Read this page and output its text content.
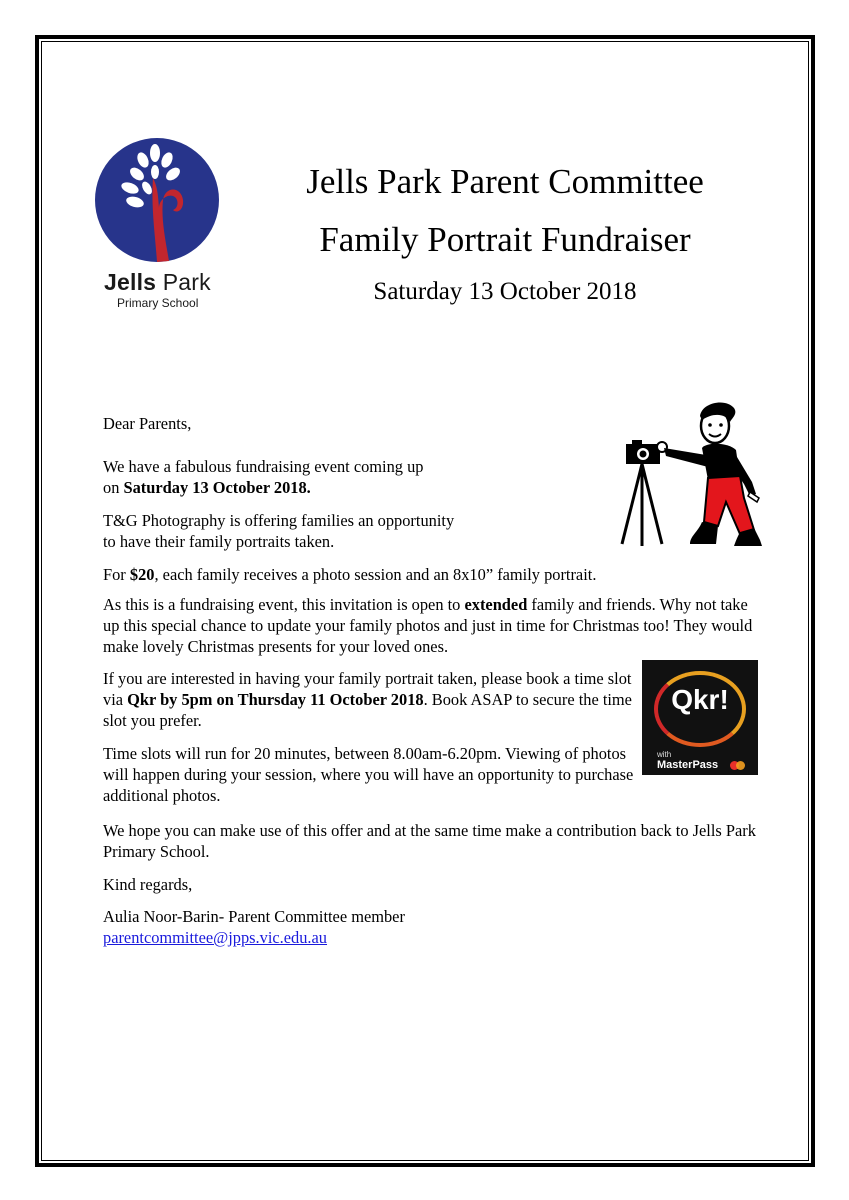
Jells Park
Primary School
Jells Park Parent Committee
Family Portrait Fundraiser
Saturday 13 October 2018

Dear Parents,

We have a fabulous fundraising event coming up
on Saturday 13 October 2018.

T&G Photography is offering families an opportunity
to have their family portraits taken.

For $20, each family receives a photo session and an 8x10” family portrait.

As this is a fundraising event, this invitation is open to extended family and friends. Why not take up this special chance to update your family photos and just in time for Christmas too! They would make lovely Christmas presents for your loved ones.

If you are interested in having your family portrait taken, please book a time slot via Qkr by 5pm on Thursday 11 October 2018. Book ASAP to secure the time slot you prefer.

Time slots will run for 20 minutes, between 8.00am-6.20pm. Viewing of photos will happen during your session, where you will have an opportunity to purchase additional photos.

We hope you can make use of this offer and at the same time make a contribution back to Jells Park Primary School.

Kind regards,

Aulia Noor-Barin- Parent Committee member
parentcommittee@jpps.vic.edu.au

Qkr!
with
MasterPass
